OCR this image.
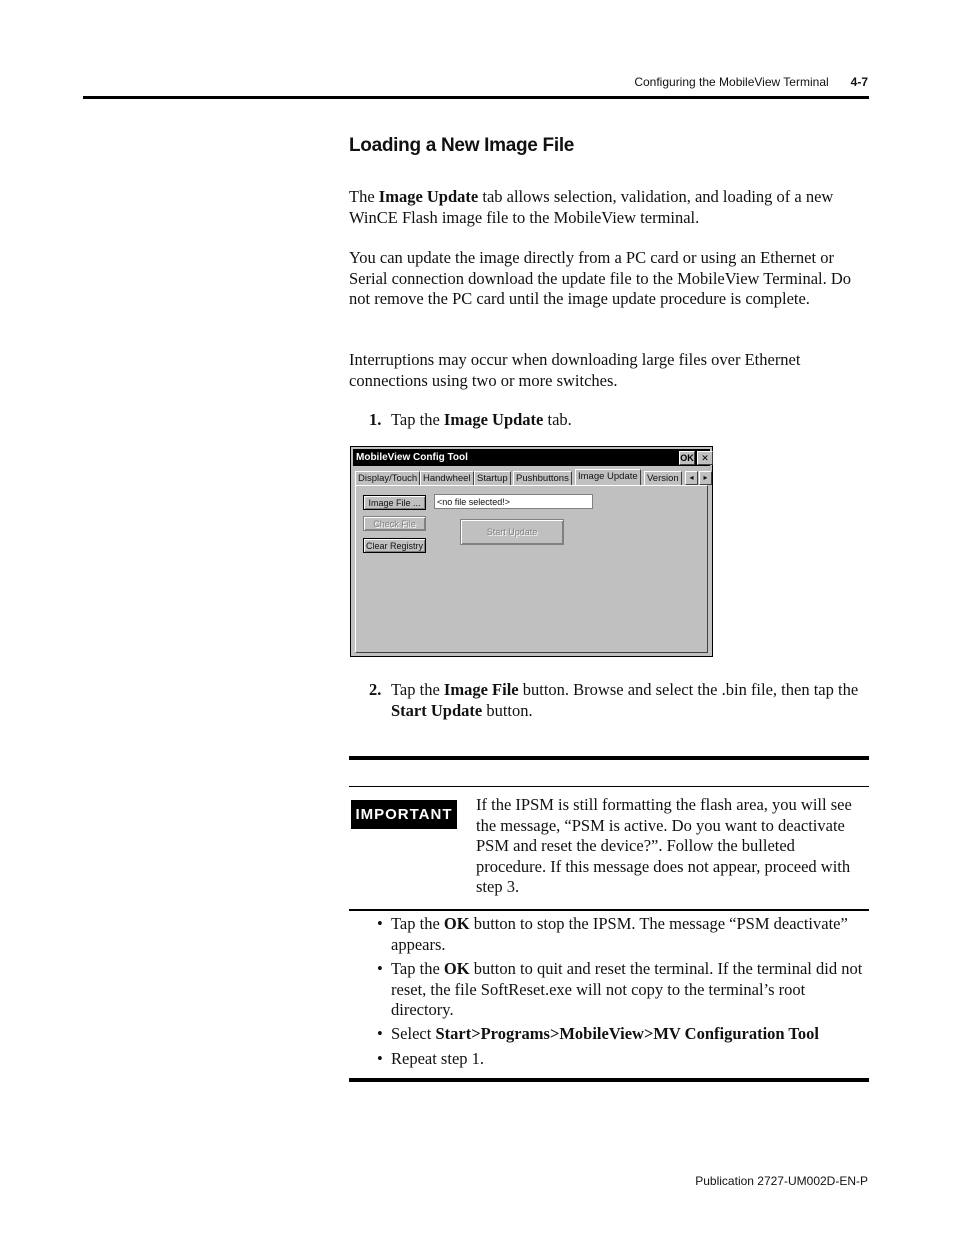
Configuring the MobileView Terminal 4-7
Loading a New Image File
The Image Update tab allows selection, validation, and loading of a new WinCE Flash image file to the MobileView terminal.
You can update the image directly from a PC card or using an Ethernet or Serial connection download the update file to the MobileView Terminal. Do not remove the PC card until the image update procedure is complete.
Interruptions may occur when downloading large files over Ethernet connections using two or more switches.
1. Tap the Image Update tab.
MobileView Config Tool	OK ✕
Display/Touch Handwheel Startup Pushbuttons Image Update Version	◂	▸
Image File ...	<no file selected!>
Check File
Clear Registry
Start Update
2. Tap the Image File button. Browse and select the .bin file, then tap the Start Update button.
IMPORTANT
If the IPSM is still formatting the flash area, you will see the message, “PSM is active. Do you want to deactivate PSM and reset the device?”. Follow the bulleted procedure. If this message does not appear, proceed with step 3.
• Tap the OK button to stop the IPSM. The message “PSM deactivate” appears.
• Tap the OK button to quit and reset the terminal. If the terminal did not reset, the file SoftReset.exe will not copy to the terminal’s root directory.
• Select Start>Programs>MobileView>MV Configuration Tool
• Repeat step 1.
Publication 2727-UM002D-EN-P
